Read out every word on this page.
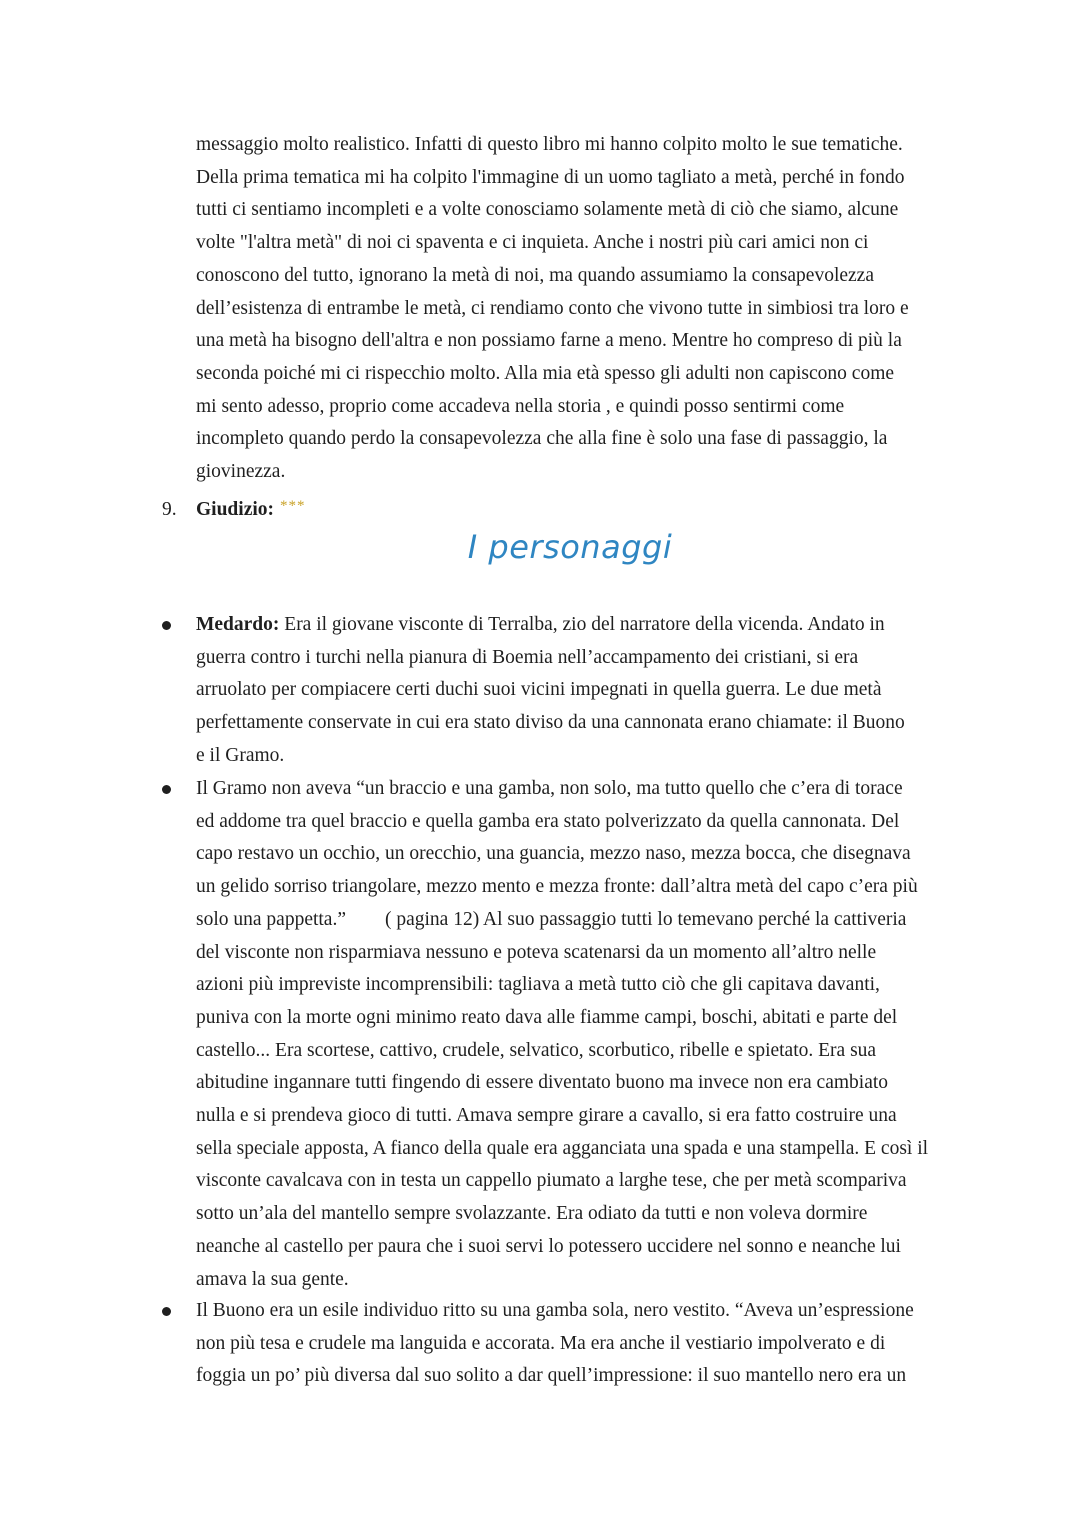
messaggio molto realistico. Infatti di questo libro mi hanno colpito molto le sue tematiche.
Della prima tematica mi ha colpito l'immagine di un uomo tagliato a metà, perché in fondo
tutti ci sentiamo incompleti e a volte conosciamo solamente metà di ciò che siamo, alcune
volte "l'altra metà" di noi ci spaventa e ci inquieta. Anche i nostri più cari amici non ci
conoscono del tutto, ignorano la metà di noi, ma quando assumiamo la consapevolezza
dell’esistenza di entrambe le metà, ci rendiamo conto che vivono tutte in simbiosi tra loro e
una metà ha bisogno dell'altra e non possiamo farne a meno. Mentre ho compreso di più la
seconda poiché mi ci rispecchio molto. Alla mia età spesso gli adulti non capiscono come
mi sento adesso, proprio come accadeva nella storia , e quindi posso sentirmi come
incompleto quando perdo la consapevolezza che alla fine è solo una fase di passaggio, la
giovinezza.
9. Giudizio: ***
I personaggi
Medardo: Era il giovane visconte di Terralba, zio del narratore della vicenda. Andato in
guerra contro i turchi nella pianura di Boemia nell’accampamento dei cristiani, si era
arruolato per compiacere certi duchi suoi vicini impegnati in quella guerra. Le due metà
perfettamente conservate in cui era stato diviso da una cannonata erano chiamate: il Buono
e il Gramo.
Il Gramo non aveva “un braccio e una gamba, non solo, ma tutto quello che c’era di torace
ed addome tra quel braccio e quella gamba era stato polverizzato da quella cannonata. Del
capo restavo un occhio, un orecchio, una guancia, mezzo naso, mezza bocca, che disegnava
un gelido sorriso triangolare, mezzo mento e mezza fronte: dall’altra metà del capo c’era più
solo una pappetta.”        ( pagina 12) Al suo passaggio tutti lo temevano perché la cattiveria
del visconte non risparmiava nessuno e poteva scatenarsi da un momento all’altro nelle
azioni più impreviste incomprensibili: tagliava a metà tutto ciò che gli capitava davanti,
puniva con la morte ogni minimo reato dava alle fiamme campi, boschi, abitati e parte del
castello... Era scortese, cattivo, crudele, selvatico, scorbutico, ribelle e spietato. Era sua
abitudine ingannare tutti fingendo di essere diventato buono ma invece non era cambiato
nulla e si prendeva gioco di tutti. Amava sempre girare a cavallo, si era fatto costruire una
sella speciale apposta, A fianco della quale era agganciata una spada e una stampella. E così il
visconte cavalcava con in testa un cappello piumato a larghe tese, che per metà scompariva
sotto un’ala del mantello sempre svolazzante. Era odiato da tutti e non voleva dormire
neanche al castello per paura che i suoi servi lo potessero uccidere nel sonno e neanche lui
amava la sua gente.
Il Buono era un esile individuo ritto su una gamba sola, nero vestito. “Aveva un’espressione
non più tesa e crudele ma languida e accorata. Ma era anche il vestiario impolverato e di
foggia un po’ più diversa dal suo solito a dar quell’impressione: il suo mantello nero era un
